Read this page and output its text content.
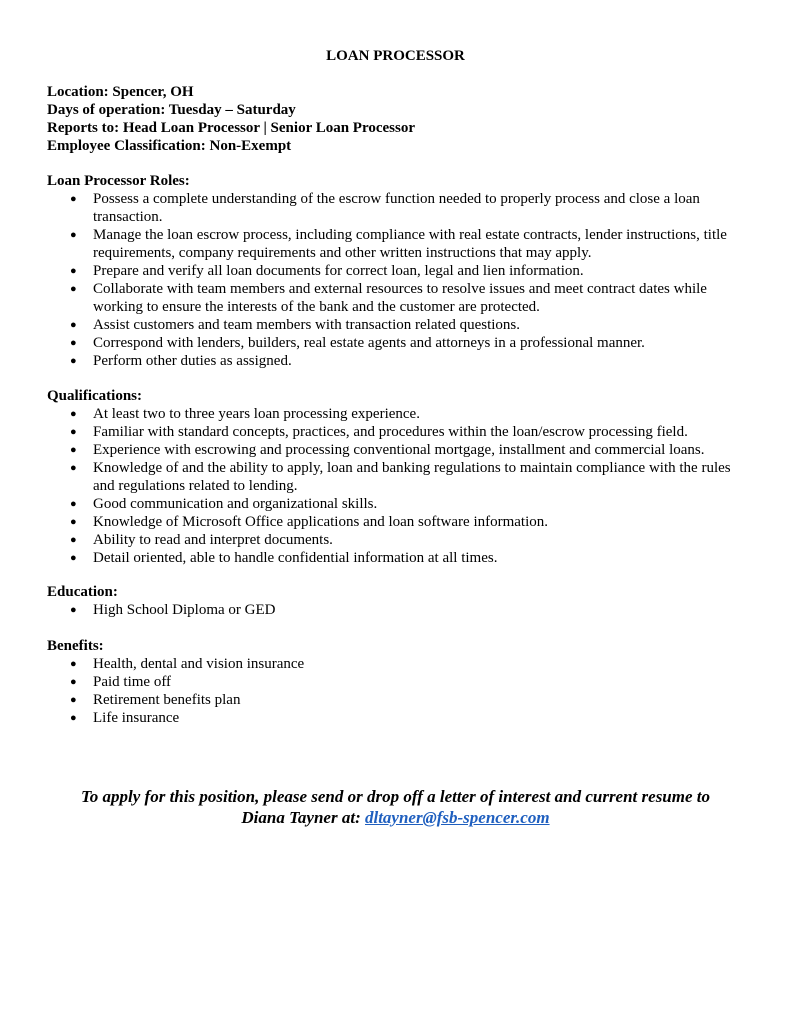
LOAN PROCESSOR
Location: Spencer, OH
Days of operation: Tuesday – Saturday
Reports to: Head Loan Processor | Senior Loan Processor
Employee Classification: Non-Exempt
Loan Processor Roles:
● Possess a complete understanding of the escrow function needed to properly process and close a loan transaction.
● Manage the loan escrow process, including compliance with real estate contracts, lender instructions, title requirements, company requirements and other written instructions that may apply.
● Prepare and verify all loan documents for correct loan, legal and lien information.
● Collaborate with team members and external resources to resolve issues and meet contract dates while working to ensure the interests of the bank and the customer are protected.
● Assist customers and team members with transaction related questions.
● Correspond with lenders, builders, real estate agents and attorneys in a professional manner.
● Perform other duties as assigned.
Qualifications:
● At least two to three years loan processing experience.
● Familiar with standard concepts, practices, and procedures within the loan/escrow processing field.
● Experience with escrowing and processing conventional mortgage, installment and commercial loans.
● Knowledge of and the ability to apply, loan and banking regulations to maintain compliance with the rules and regulations related to lending.
● Good communication and organizational skills.
● Knowledge of Microsoft Office applications and loan software information.
● Ability to read and interpret documents.
● Detail oriented, able to handle confidential information at all times.
Education:
● High School Diploma or GED
Benefits:
● Health, dental and vision insurance
● Paid time off
● Retirement benefits plan
● Life insurance
To apply for this position, please send or drop off a letter of interest and current resume to
Diana Tayner at: dltayner@fsb-spencer.com
